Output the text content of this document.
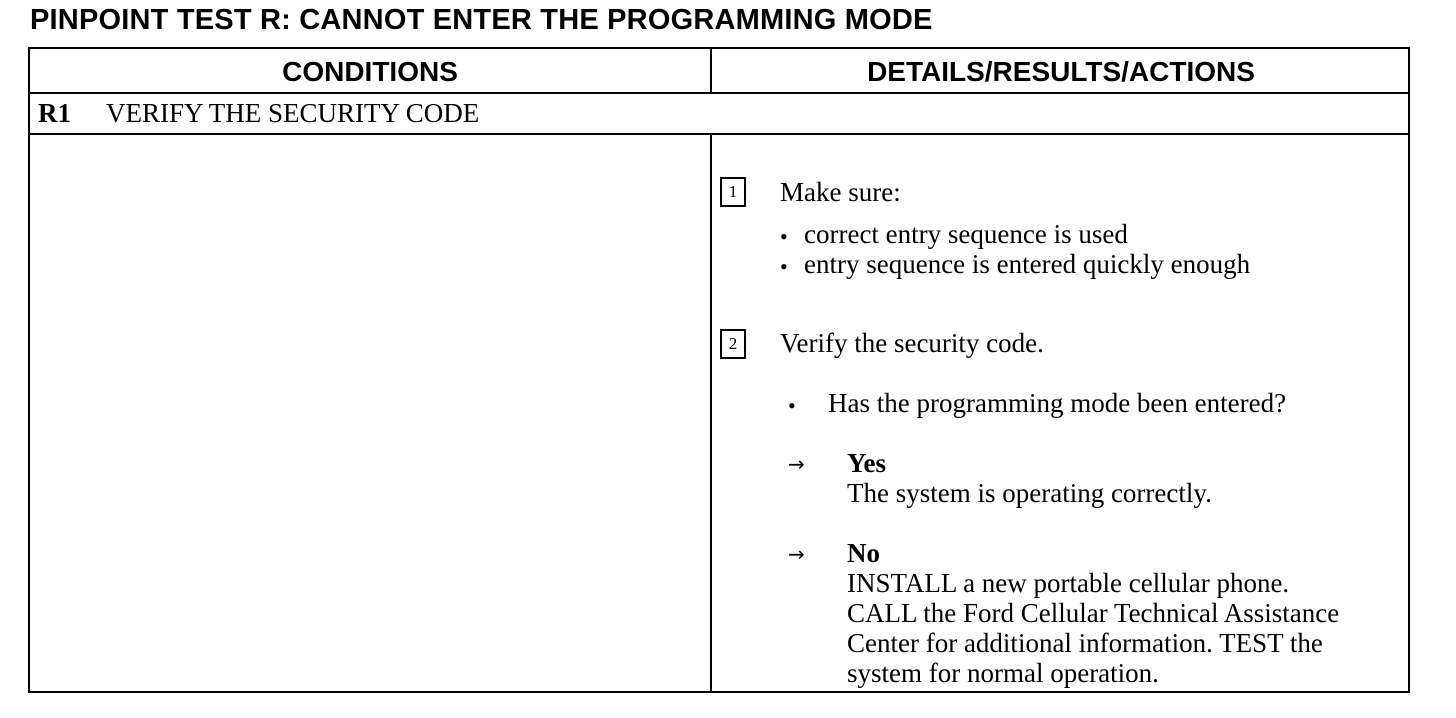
PINPOINT TEST R: CANNOT ENTER THE PROGRAMMING MODE
CONDITIONS	DETAILS/RESULTS/ACTIONS
R1 VERIFY THE SECURITY CODE
1	Make sure:
• correct entry sequence is used
• entry sequence is entered quickly enough
2	Verify the security code.
• Has the programming mode been entered?
→ Yes
The system is operating correctly.
→ No
INSTALL a new portable cellular phone.
CALL the Ford Cellular Technical Assistance
Center for additional information. TEST the
system for normal operation.
